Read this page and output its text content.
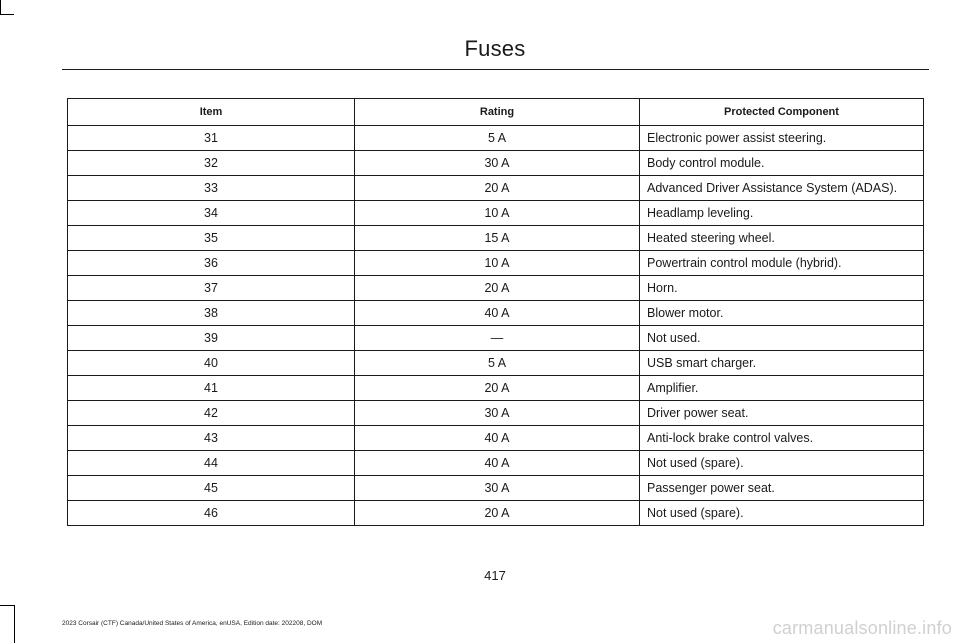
Fuses
Item	Rating	Protected Component
31	5 A	Electronic power assist steering.
32	30 A	Body control module.
33	20 A	Advanced Driver Assistance System (ADAS).
34	10 A	Headlamp leveling.
35	15 A	Heated steering wheel.
36	10 A	Powertrain control module (hybrid).
37	20 A	Horn.
38	40 A	Blower motor.
39	—	Not used.
40	5 A	USB smart charger.
41	20 A	Amplifier.
42	30 A	Driver power seat.
43	40 A	Anti-lock brake control valves.
44	40 A	Not used (spare).
45	30 A	Passenger power seat.
46	20 A	Not used (spare).
417
2023 Corsair (CTF) Canada/United States of America, enUSA, Edition date: 202208, DOM	carmanualsonline.info
